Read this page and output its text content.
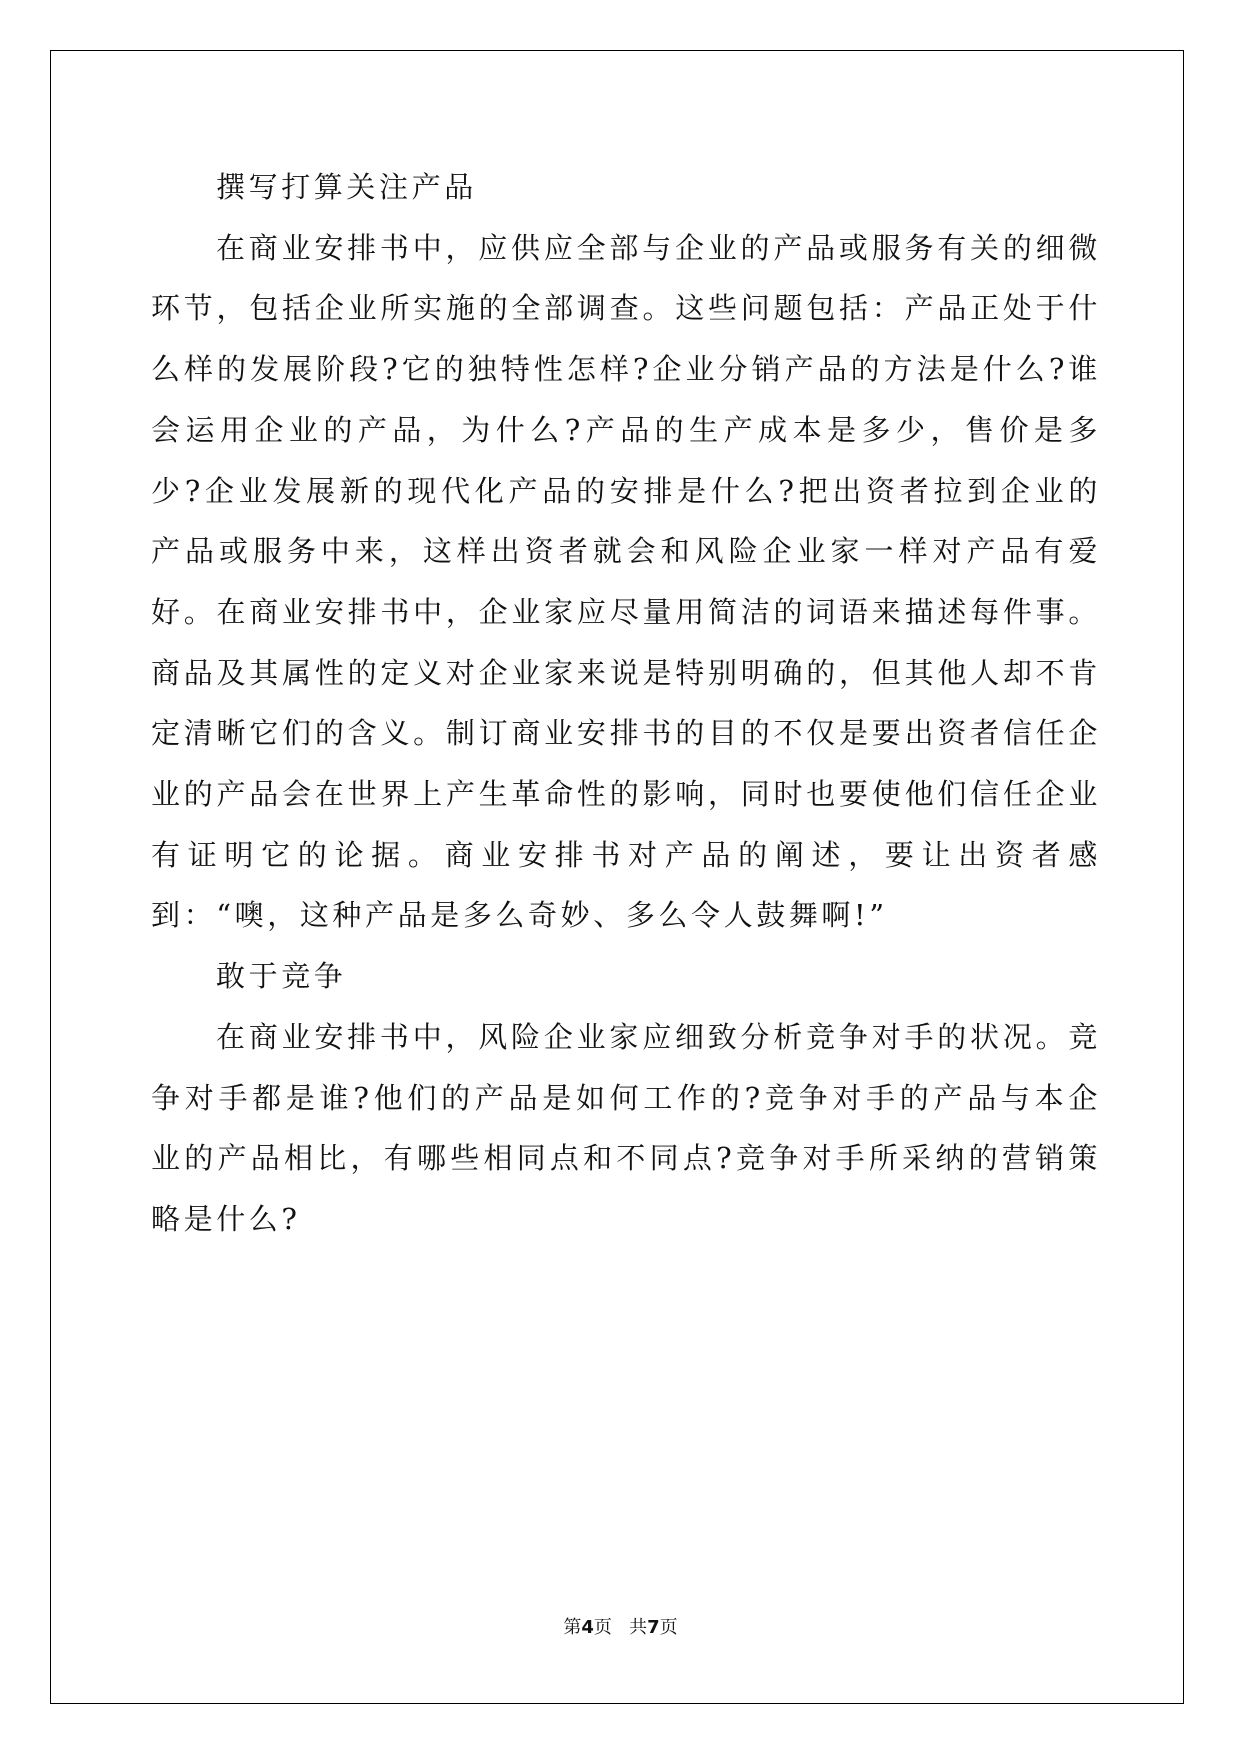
撰写打算关注产品

在商业安排书中，应供应全部与企业的产品或服务有关的细微环节，包括企业所实施的全部调查。这些问题包括：产品正处于什么样的发展阶段?它的独特性怎样?企业分销产品的方法是什么?谁会运用企业的产品，为什么?产品的生产成本是多少，售价是多少?企业发展新的现代化产品的安排是什么?把出资者拉到企业的产品或服务中来，这样出资者就会和风险企业家一样对产品有爱好。在商业安排书中，企业家应尽量用简洁的词语来描述每件事。商品及其属性的定义对企业家来说是特别明确的，但其他人却不肯定清晰它们的含义。制订商业安排书的目的不仅是要出资者信任企业的产品会在世界上产生革命性的影响，同时也要使他们信任企业有证明它的论据。商业安排书对产品的阐述，要让出资者感到：“噢，这种产品是多么奇妙、多么令人鼓舞啊!”

敢于竞争

在商业安排书中，风险企业家应细致分析竞争对手的状况。竞争对手都是谁?他们的产品是如何工作的?竞争对手的产品与本企业的产品相比，有哪些相同点和不同点?竞争对手所采纳的营销策略是什么?

第4页 共7页
